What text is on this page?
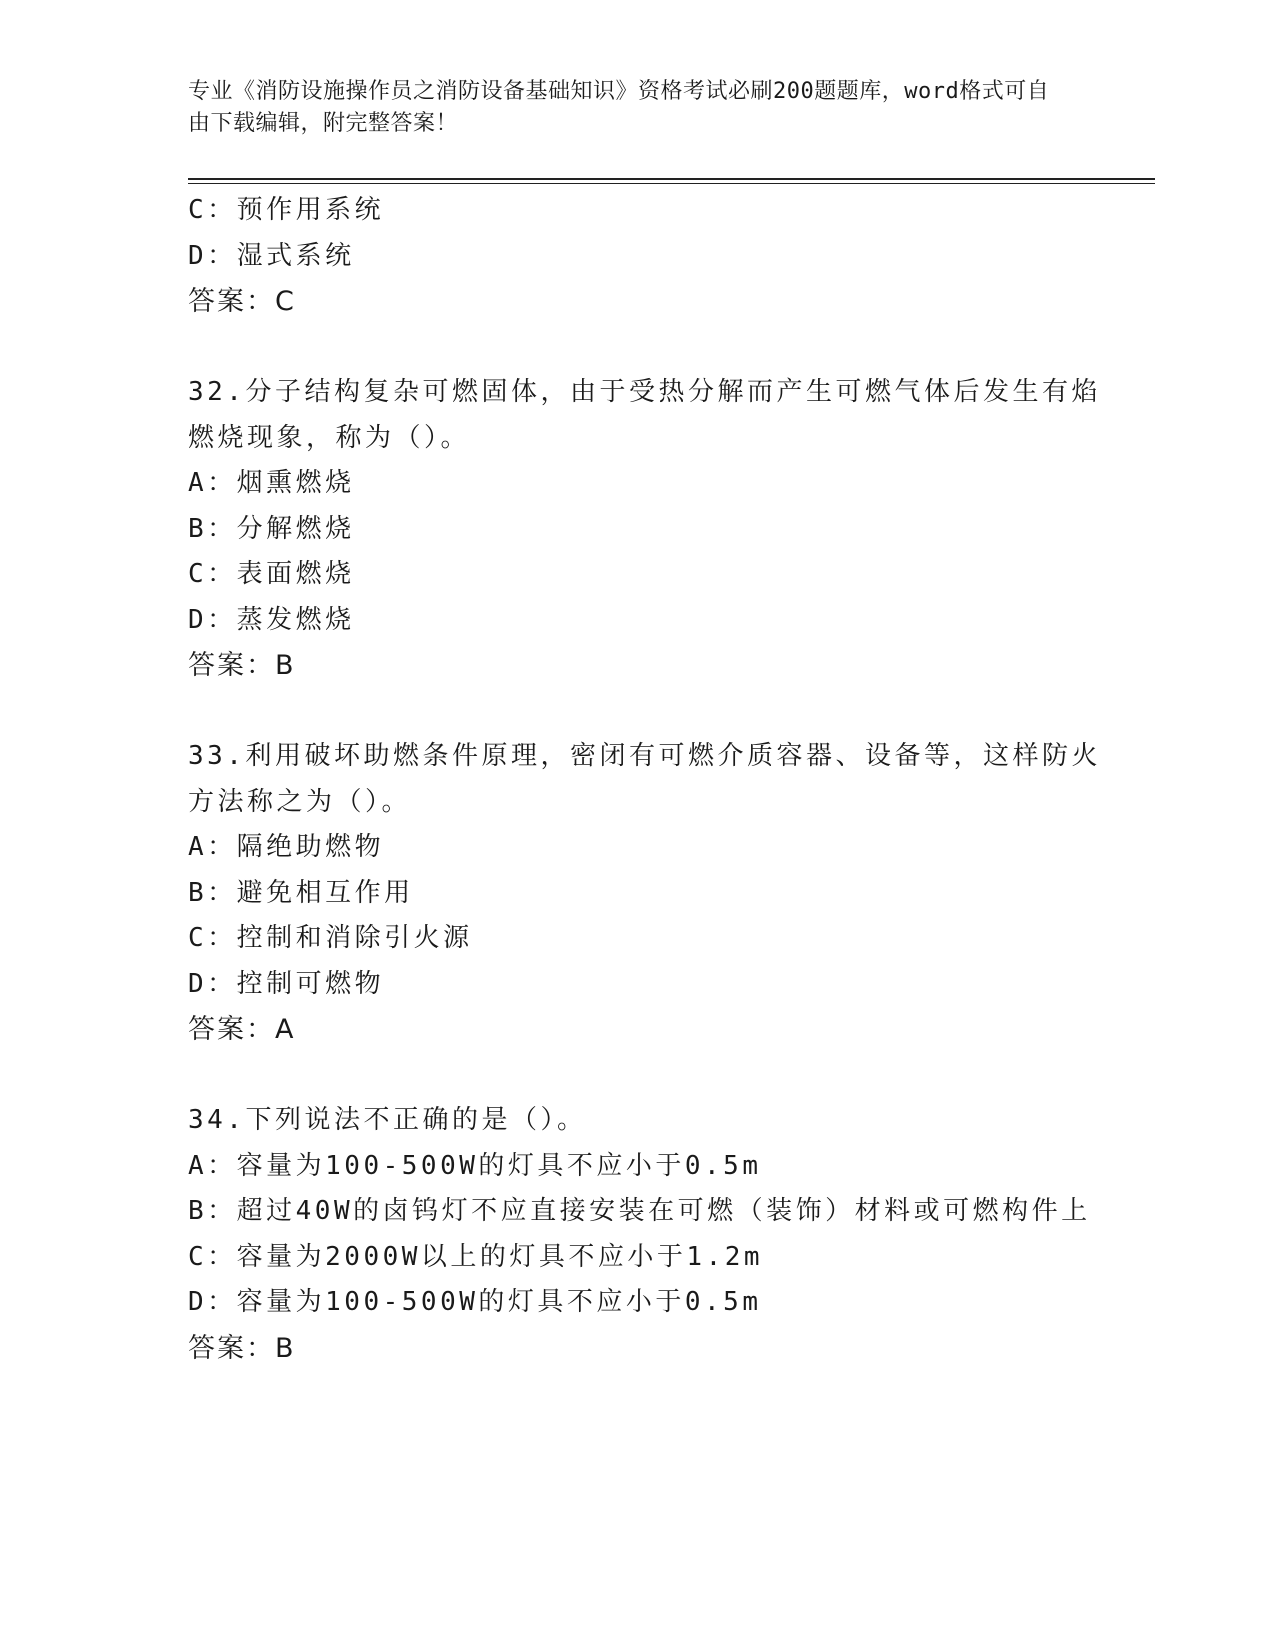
专业《消防设施操作员之消防设备基础知识》资格考试必刷200题题库，word格式可自由下载编辑，附完整答案！
C：预作用系统
D：湿式系统
答案：C
32.分子结构复杂可燃固体，由于受热分解而产生可燃气体后发生有焰
燃烧现象，称为（）。
A：烟熏燃烧
B：分解燃烧
C：表面燃烧
D：蒸发燃烧
答案：B
33.利用破坏助燃条件原理，密闭有可燃介质容器、设备等，这样防火
方法称之为（）。
A：隔绝助燃物
B：避免相互作用
C：控制和消除引火源
D：控制可燃物
答案：A
34.下列说法不正确的是（）。
A：容量为100-500W的灯具不应小于0.5m
B：超过40W的卤钨灯不应直接安装在可燃（装饰）材料或可燃构件上
C：容量为2000W以上的灯具不应小于1.2m
D：容量为100-500W的灯具不应小于0.5m
答案：B
